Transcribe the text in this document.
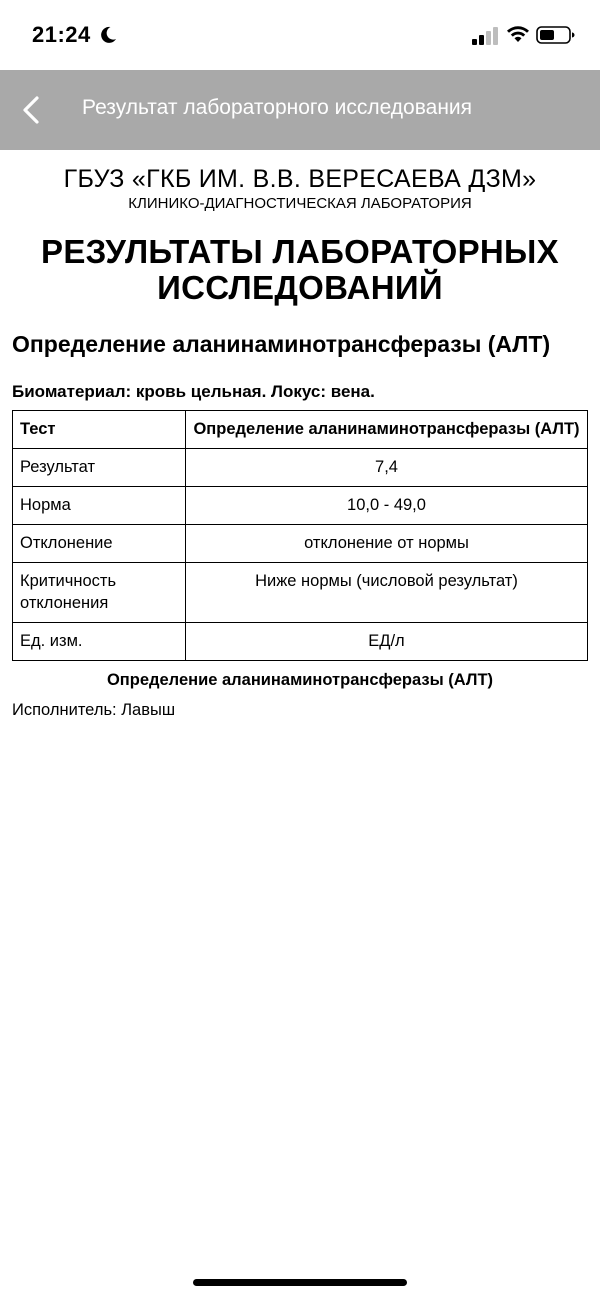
21:24
Результат лабораторного исследования
ГБУЗ «ГКБ ИМ. В.В. ВЕРЕСАЕВА ДЗМ»
КЛИНИКО-ДИАГНОСТИЧЕСКАЯ ЛАБОРАТОРИЯ
РЕЗУЛЬТАТЫ ЛАБОРАТОРНЫХ ИССЛЕДОВАНИЙ
Определение аланинаминотрансферазы (АЛТ)
Биоматериал: кровь цельная. Локус: вена.
Тест	Определение аланинаминотрансферазы (АЛТ)
Результат	7,4
Норма	10,0 - 49,0
Отклонение	отклонение от нормы
Критичность отклонения	Ниже нормы (числовой результат)
Ед. изм.	ЕД/л
Определение аланинаминотрансферазы (АЛТ)
Исполнитель: Лавыш
